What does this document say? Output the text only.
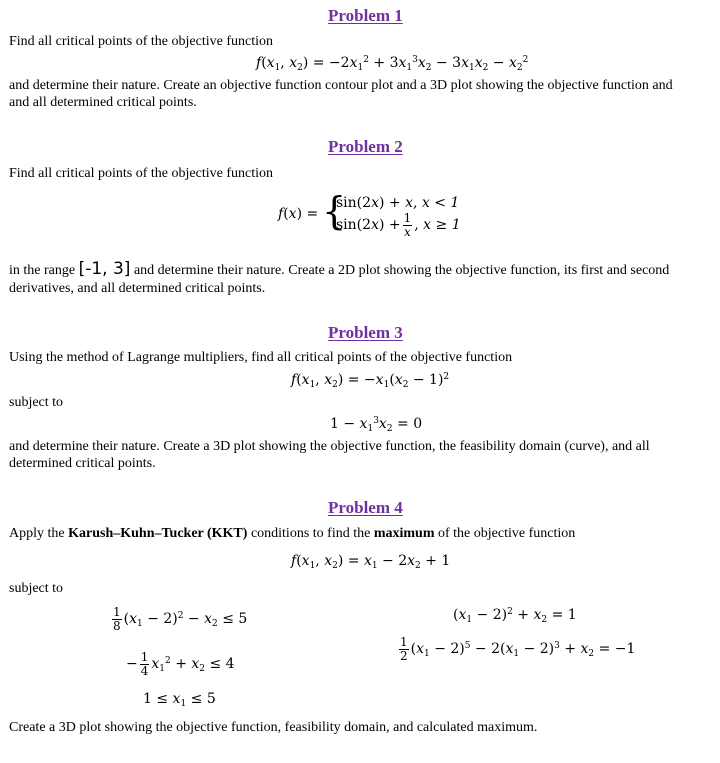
Problem 1
Find all critical points of the objective function
$f(x_1$, $x_2) = -2x_1^2 + 3x_1^3x_2 - 3x_1x_2 - x_2^2$
and determine their nature. Create an objective function contour plot and a 3D plot showing the objective function and
and all determined critical points.
Problem 2
Find all critical points of the objective function
f(x) = {
sin(2x) + x, x < 1
$\sin(2x) + \frac{1}{x}$ , x ≥ 1
in the range [-1, 3] and determine their nature. Create a 2D plot showing the objective function, its first and second
derivatives, and all determined critical points.
Problem 3
Using the method of Lagrange multipliers, find all critical points of the objective function
$f(x_1$, $x_2) = -x_1(x_2 - 1)^2$
subject to
$1 - x_1^3x_2 = 0$
and determine their nature. Create a 3D plot showing the objective function, the feasibility domain (curve), and all
determined critical points.
Problem 4
Apply the Karush–Kuhn–Tucker (KKT) conditions to find the maximum of the objective function
$f(x_1$, $x_2) = x_1 - 2x_2 + 1$
subject to
$\frac{1}{8} (x_1 - 2)^2 - x_2 \le 5$
− $\frac{1}{4} x_1^2 + x_2 \le 4$
$1 \le x_1 \le 5$
$(x_1 - 2)^2 + x_2 = 1$
$\frac{1}{2} (x_1 - 2)^5 - 2(x_1 - 2)^3 + x_2 = -1$
Create a 3D plot showing the objective function, feasibility domain, and calculated maximum.
